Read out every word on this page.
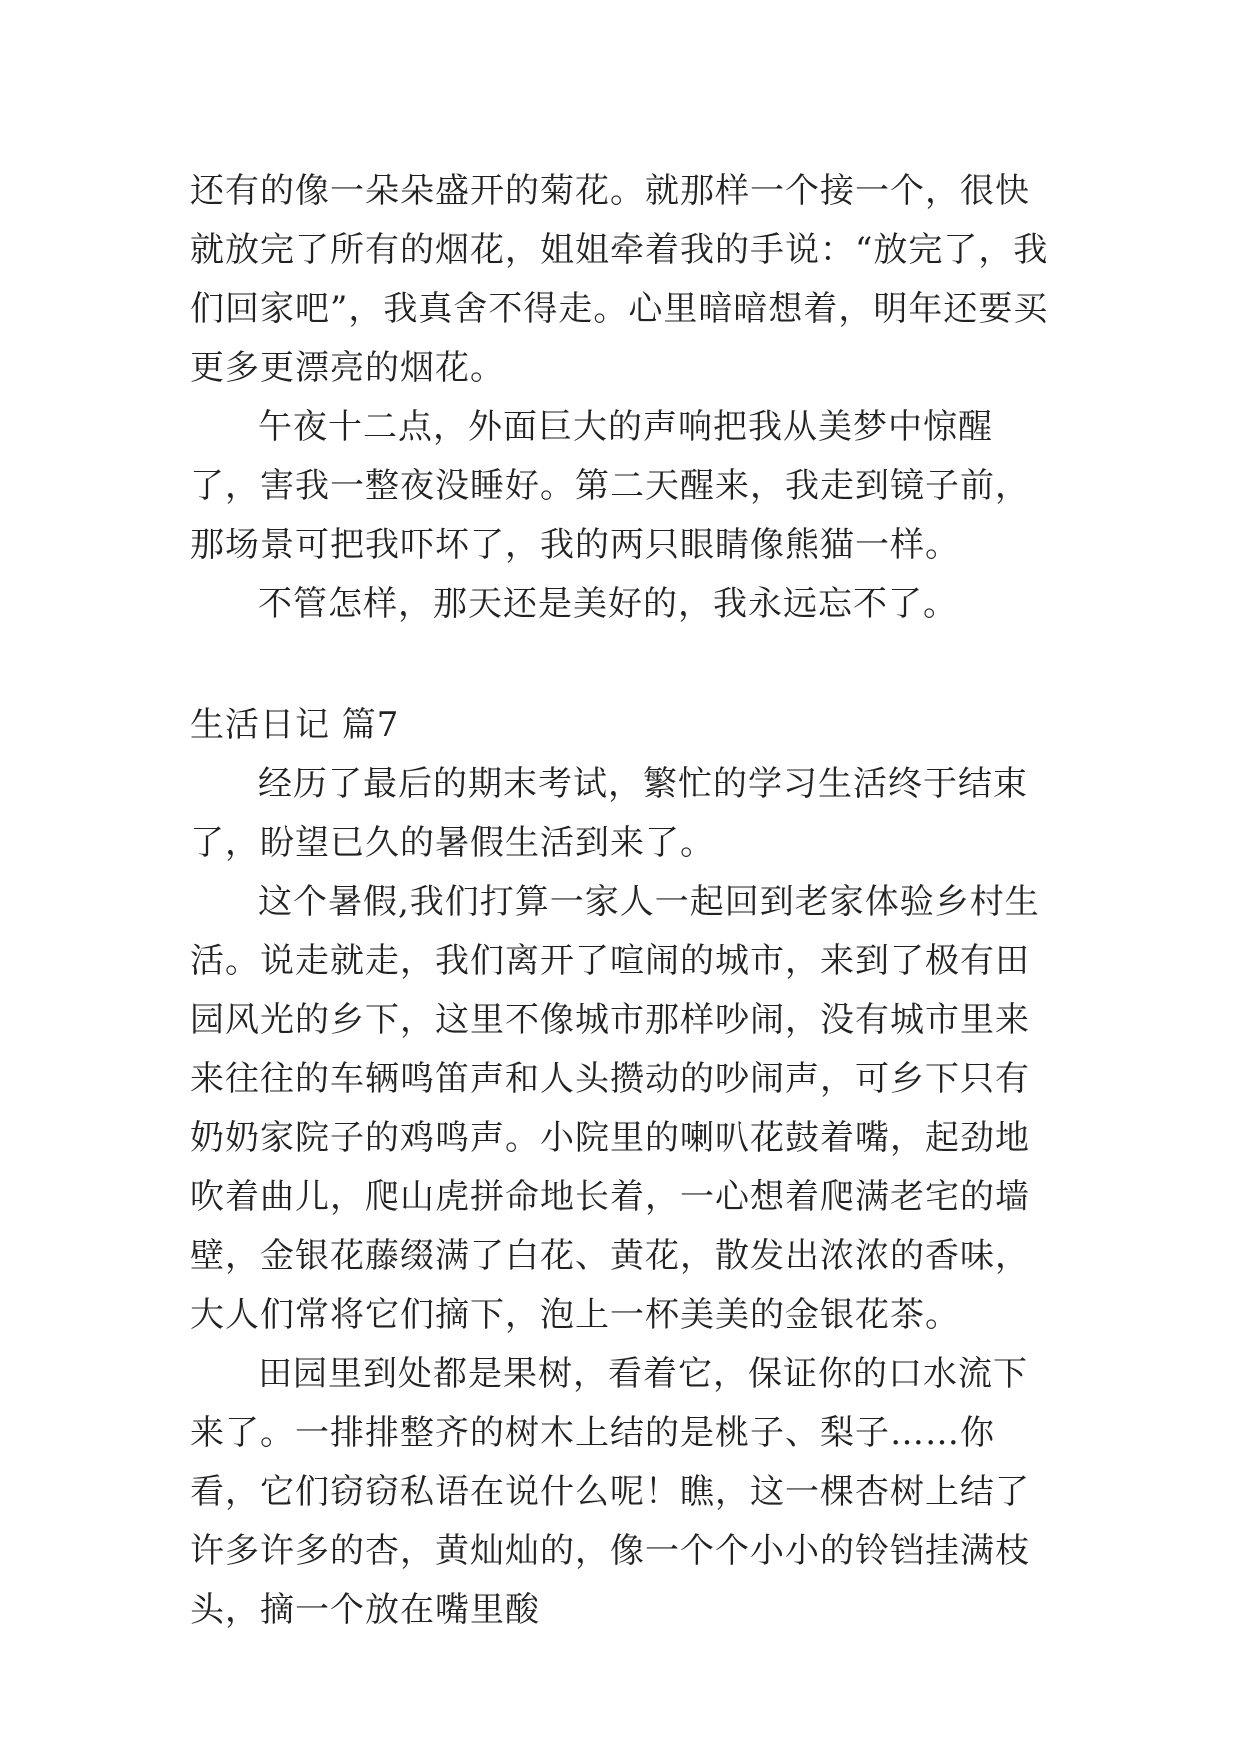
还有的像一朵朵盛开的菊花。就那样一个接一个，很快就放完了所有的烟花，姐姐牵着我的手说：“放完了，我们回家吧”，我真舍不得走。心里暗暗想着，明年还要买更多更漂亮的烟花。

午夜十二点，外面巨大的声响把我从美梦中惊醒了，害我一整夜没睡好。第二天醒来，我走到镜子前，那场景可把我吓坏了，我的两只眼睛像熊猫一样。

不管怎样，那天还是美好的，我永远忘不了。

生活日记 篇7

经历了最后的期末考试，繁忙的学习生活终于结束了，盼望已久的暑假生活到来了。

这个暑假,我们打算一家人一起回到老家体验乡村生活。说走就走，我们离开了喧闹的城市，来到了极有田园风光的乡下，这里不像城市那样吵闹，没有城市里来来往往的车辆鸣笛声和人头攒动的吵闹声，可乡下只有奶奶家院子的鸡鸣声。小院里的喇叭花鼓着嘴，起劲地吹着曲儿，爬山虎拼命地长着，一心想着爬满老宅的墙壁，金银花藤缀满了白花、黄花，散发出浓浓的香味，大人们常将它们摘下，泡上一杯美美的金银花茶。

田园里到处都是果树，看着它，保证你的口水流下来了。一排排整齐的树木上结的是桃子、梨子……你看，它们窃窃私语在说什么呢！瞧，这一棵杏树上结了许多许多的杏，黄灿灿的，像一个个小小的铃铛挂满枝头，摘一个放在嘴里酸
